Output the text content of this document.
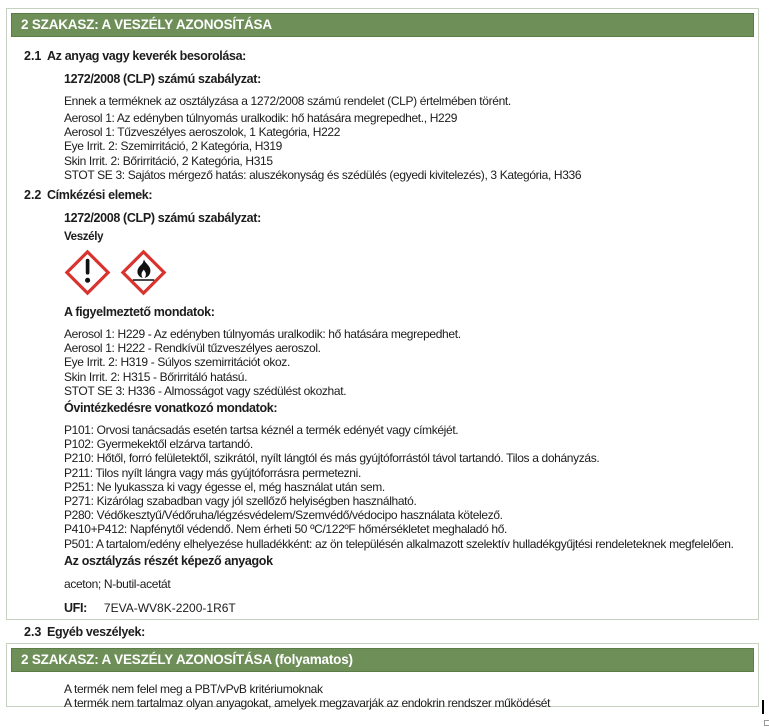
2 SZAKASZ: A VESZÉLY AZONOSÍTÁSA
2.1 Az anyag vagy keverék besorolása:
1272/2008 (CLP) számú szabályzat:
Ennek a terméknek az osztályzása a 1272/2008 számú rendelet (CLP) értelmében törént.
Aerosol 1: Az edényben túlnyomás uralkodik: hő hatására megrepedhet., H229
Aerosol 1: Tűzveszélyes aeroszolok, 1 Kategória, H222
Eye Irrit. 2: Szemirritáció, 2 Kategória, H319
Skin Irrit. 2: Bőrirritáció, 2 Kategória, H315
STOT SE 3: Sajátos mérgező hatás: aluszékonyság és szédülés (egyedi kivitelezés), 3 Kategória, H336
2.2 Címkézési elemek:
1272/2008 (CLP) számú szabályzat:
Veszély
A figyelmeztető mondatok:
Aerosol 1: H229 - Az edényben túlnyomás uralkodik: hő hatására megrepedhet.
Aerosol 1: H222 - Rendkívül tűzveszélyes aeroszol.
Eye Irrit. 2: H319 - Súlyos szemirritációt okoz.
Skin Irrit. 2: H315 - Bőrirritáló hatású.
STOT SE 3: H336 - Almosságot vagy szédülést okozhat.
Óvintézkedésre vonatkozó mondatok:
P101: Orvosi tanácsadás esetén tartsa kéznél a termék edényét vagy címkéjét.
P102: Gyermekektől elzárva tartandó.
P210: Hőtől, forró felületektől, szikrától, nyílt lángtól és más gyújtóforrástól távol tartandó. Tilos a dohányzás.
P211: Tilos nyílt lángra vagy más gyújtóforrásra permetezni.
P251: Ne lyukassza ki vagy égesse el, még használat után sem.
P271: Kizárólag szabadban vagy jól szellőző helyiségben használható.
P280: Védőkesztyű/Védőruha/légzésvédelem/Szemvédő/védocipo használata kötelező.
P410+P412: Napfénytől védendő. Nem érheti 50 ºC/122ºF hőmérsékletet meghaladó hő.
P501: A tartalom/edény elhelyezése hulladékként: az ön településén alkalmazott szelektív hulladékgyűjtési rendeleteknek megfelelően.
Az osztályzás részét képező anyagok
aceton; N-butil-acetát
UFI: 7EVA-WV8K-2200-1R6T
2.3 Egyéb veszélyek:
2 SZAKASZ: A VESZÉLY AZONOSÍTÁSA (folyamatos)
A termék nem felel meg a PBT/vPvB kritériumoknak
A termék nem tartalmaz olyan anyagokat, amelyek megzavarják az endokrin rendszer működését
